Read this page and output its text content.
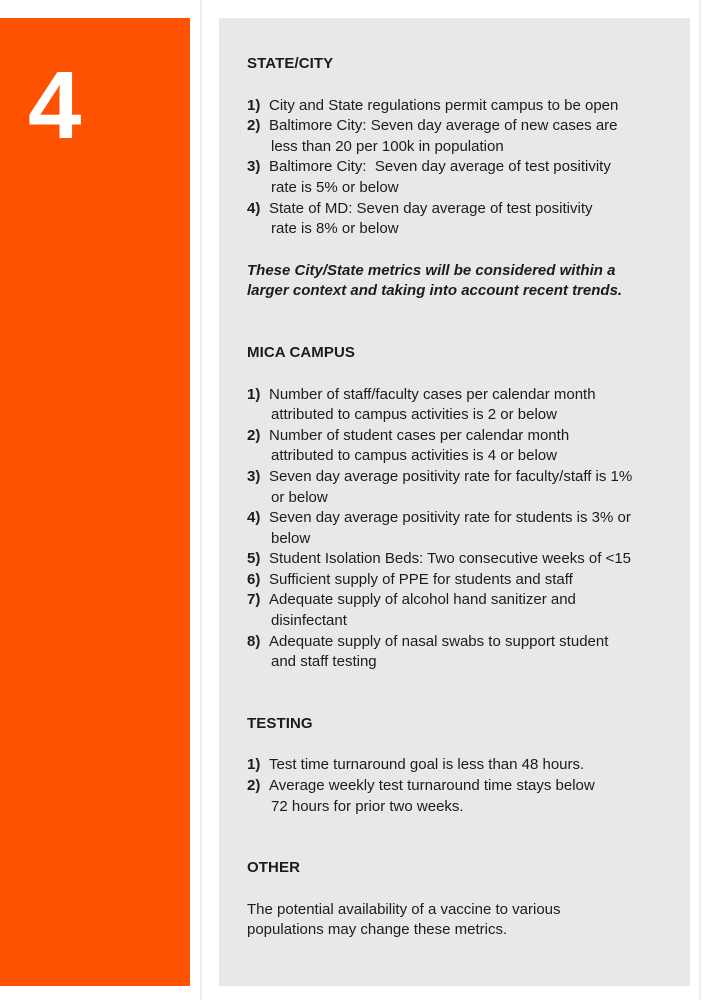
4	STATE/CITY
1) City and State regulations permit campus to be open
2) Baltimore City: Seven day average of new cases are
less than 20 per 100k in population
3) Baltimore City:  Seven day average of test positivity
rate is 5% or below
4) State of MD: Seven day average of test positivity
rate is 8% or below

These City/State metrics will be considered within a
larger context and taking into account recent trends.

MICA CAMPUS
1) Number of staff/faculty cases per calendar month
attributed to campus activities is 2 or below
2) Number of student cases per calendar month
attributed to campus activities is 4 or below
3) Seven day average positivity rate for faculty/staff is 1%
or below
4) Seven day average positivity rate for students is 3% or
below
5) Student Isolation Beds: Two consecutive weeks of <15
6) Sufficient supply of PPE for students and staff
7) Adequate supply of alcohol hand sanitizer and
disinfectant
8) Adequate supply of nasal swabs to support student
and staff testing
TESTING
1) Test time turnaround goal is less than 48 hours.
2) Average weekly test turnaround time stays below
72 hours for prior two weeks.
OTHER

The potential availability of a vaccine to various
populations may change these metrics.
